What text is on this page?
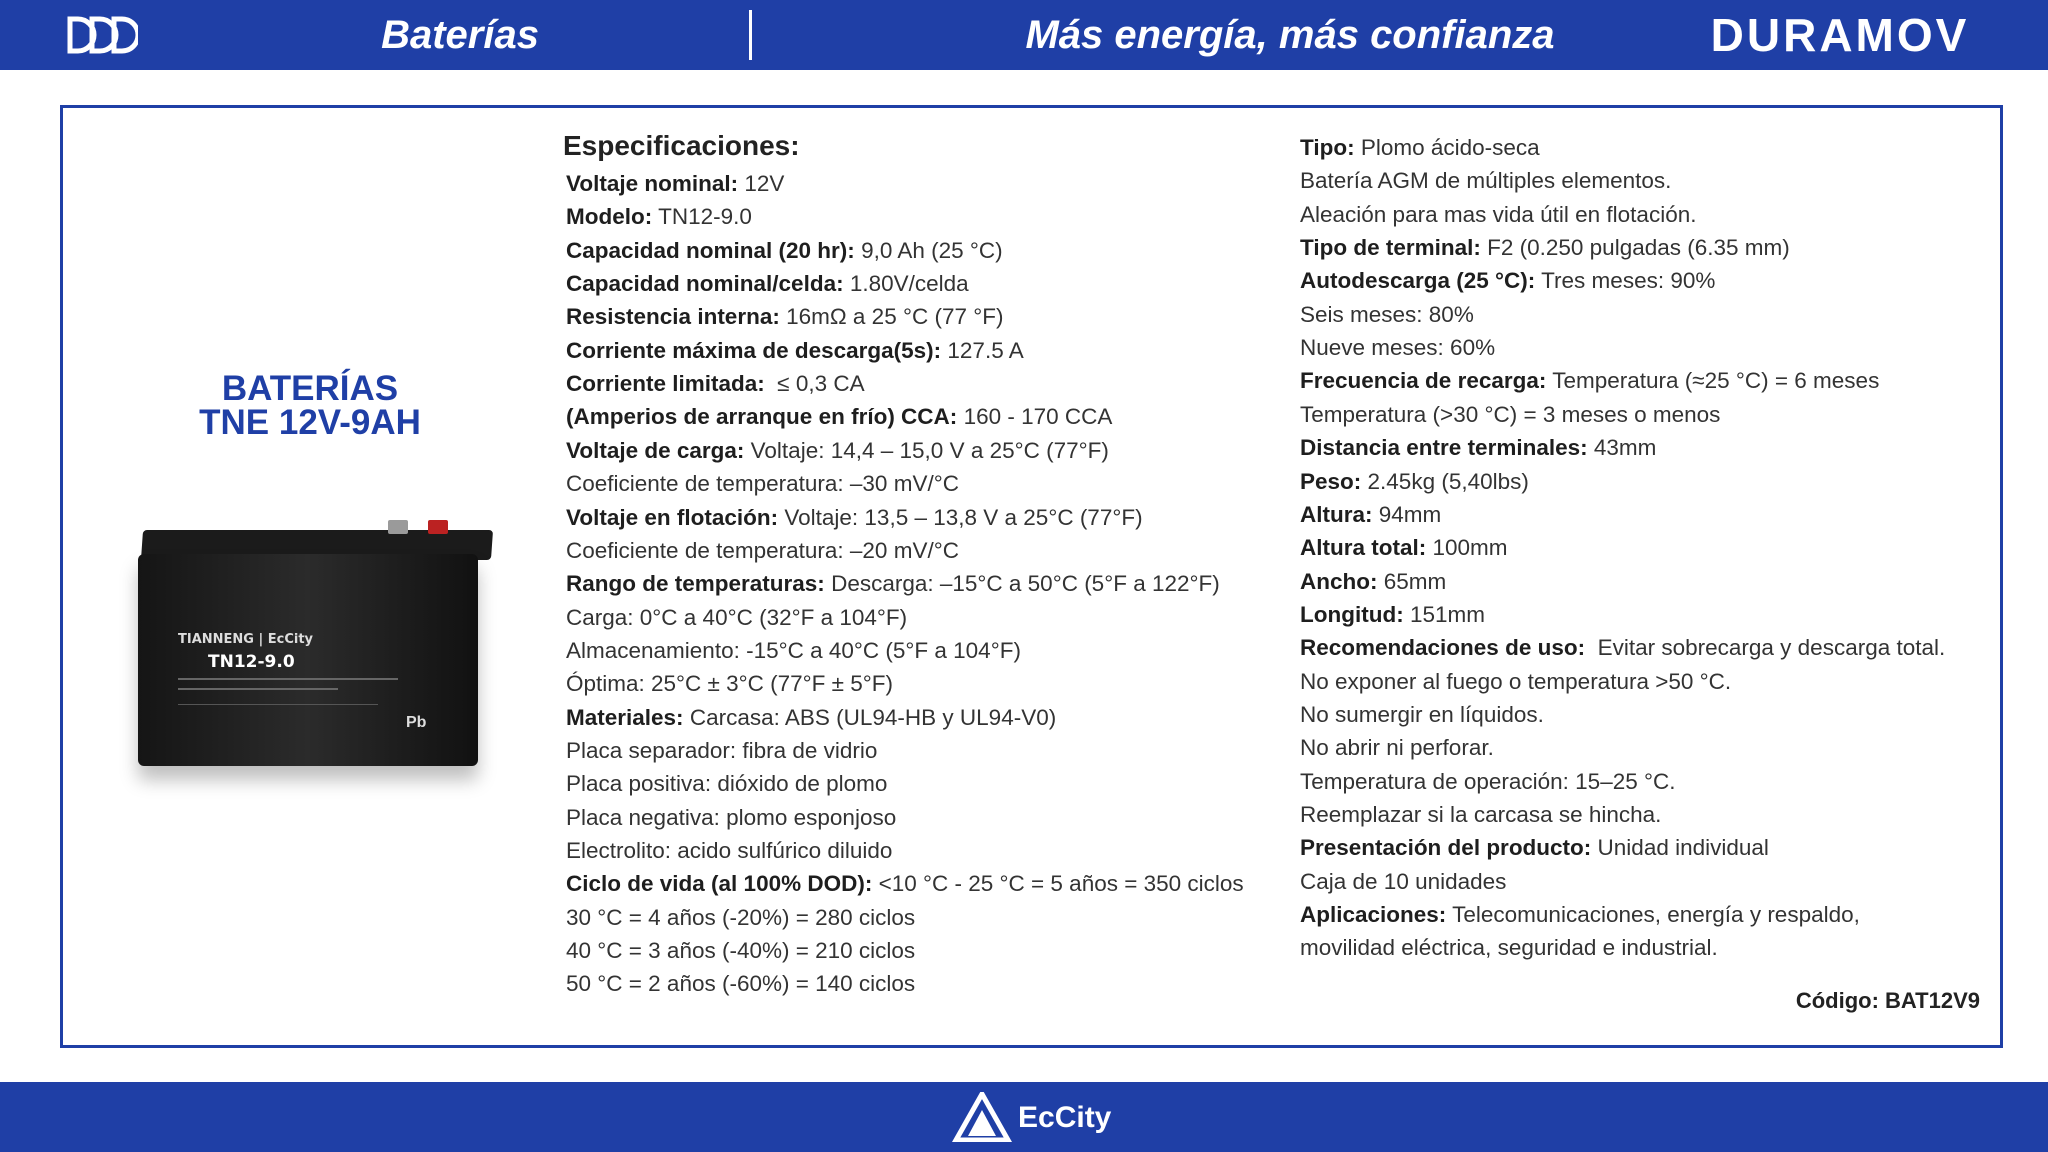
Baterías	Más energía, más confianza	DURAMOV
BATERÍAS
TNE 12V-9AH
TIANNENG | EcCity
TN12-9.0
Pb
Especificaciones:
Voltaje nominal: 12V
Modelo: TN12-9.0
Capacidad nominal (20 hr): 9,0 Ah (25 °C)
Capacidad nominal/celda: 1.80V/celda
Resistencia interna: 16mΩ a 25 °C (77 °F)
Corriente máxima de descarga(5s): 127.5 A
Corriente limitada:  ≤ 0,3 CA
(Amperios de arranque en frío) CCA: 160 - 170 CCA
Voltaje de carga: Voltaje: 14,4 – 15,0 V a 25°C (77°F)
Coeficiente de temperatura: –30 mV/°C
Voltaje en flotación: Voltaje: 13,5 – 13,8 V a 25°C (77°F)
Coeficiente de temperatura: –20 mV/°C
Rango de temperaturas: Descarga: –15°C a 50°C (5°F a 122°F)
Carga: 0°C a 40°C (32°F a 104°F)
Almacenamiento: -15°C a 40°C (5°F a 104°F)
Óptima: 25°C ± 3°C (77°F ± 5°F)
Materiales: Carcasa: ABS (UL94-HB y UL94-V0)
Placa separador: fibra de vidrio
Placa positiva: dióxido de plomo
Placa negativa: plomo esponjoso
Electrolito: acido sulfúrico diluido
Ciclo de vida (al 100% DOD): <10 °C - 25 °C = 5 años = 350 ciclos
30 °C = 4 años (-20%) = 280 ciclos
40 °C = 3 años (-40%) = 210 ciclos
50 °C = 2 años (-60%) = 140 ciclos
Tipo: Plomo ácido-seca
Batería AGM de múltiples elementos.
Aleación para mas vida útil en flotación.
Tipo de terminal: F2 (0.250 pulgadas (6.35 mm)
Autodescarga (25 °C): Tres meses: 90%
Seis meses: 80%
Nueve meses: 60%
Frecuencia de recarga: Temperatura (≈25 °C) = 6 meses
Temperatura (>30 °C) = 3 meses o menos
Distancia entre terminales: 43mm
Peso: 2.45kg (5,40lbs)
Altura: 94mm
Altura total: 100mm
Ancho: 65mm
Longitud: 151mm
Recomendaciones de uso:  Evitar sobrecarga y descarga total.
No exponer al fuego o temperatura >50 °C.
No sumergir en líquidos.
No abrir ni perforar.
Temperatura de operación: 15–25 °C.
Reemplazar si la carcasa se hincha.
Presentación del producto: Unidad individual
Caja de 10 unidades
Aplicaciones: Telecomunicaciones, energía y respaldo,
movilidad eléctrica, seguridad e industrial.
Código: BAT12V9
EcCity
